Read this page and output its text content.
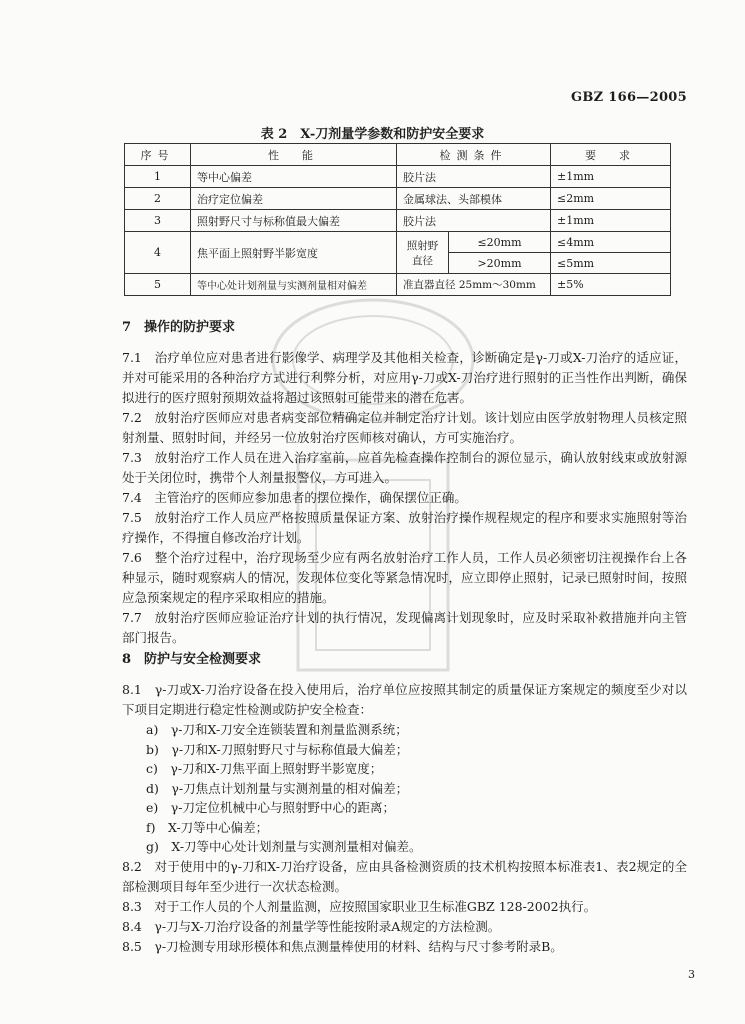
GBZ 166—2005
表 2　X-刀剂量学参数和防护安全要求
序号	性　能	检测条件		要　求
1	等中心偏差	胶片法		±1mm
2	治疗定位偏差	金属球法、头部模体		≤2mm
3	照射野尺寸与标称值最大偏差	胶片法		±1mm
4	焦平面上照射野半影宽度	照射野直径	≤20mm	≤4mm
			>20mm	≤5mm
5	等中心处计划剂量与实测剂量相对偏差	准直器直径 25mm～30mm		±5%
7　操作的防护要求

7.1　治疗单位应对患者进行影像学、病理学及其他相关检查，诊断确定是γ-刀或X-刀治疗的适应证，并对可能采用的各种治疗方式进行利弊分析，对应用γ-刀或X-刀治疗进行照射的正当性作出判断，确保拟进行的医疗照射预期效益将超过该照射可能带来的潜在危害。

7.2　放射治疗医师应对患者病变部位精确定位并制定治疗计划。该计划应由医学放射物理人员核定照射剂量、照射时间，并经另一位放射治疗医师核对确认，方可实施治疗。

7.3　放射治疗工作人员在进入治疗室前，应首先检查操作控制台的源位显示，确认放射线束或放射源处于关闭位时，携带个人剂量报警仪，方可进入。

7.4　主管治疗的医师应参加患者的摆位操作，确保摆位正确。

7.5　放射治疗工作人员应严格按照质量保证方案、放射治疗操作规程规定的程序和要求实施照射等治疗操作，不得擅自修改治疗计划。

7.6　整个治疗过程中，治疗现场至少应有两名放射治疗工作人员，工作人员必须密切注视操作台上各种显示，随时观察病人的情况，发现体位变化等紧急情况时，应立即停止照射，记录已照射时间，按照应急预案规定的程序采取相应的措施。

7.7　放射治疗医师应验证治疗计划的执行情况，发现偏离计划现象时，应及时采取补救措施并向主管部门报告。

8　防护与安全检测要求

8.1　γ-刀或X-刀治疗设备在投入使用后，治疗单位应按照其制定的质量保证方案规定的频度至少对以下项目定期进行稳定性检测或防护安全检查：

a)　γ-刀和X-刀安全连锁装置和剂量监测系统；

b)　γ-刀和X-刀照射野尺寸与标称值最大偏差；

c)　γ-刀和X-刀焦平面上照射野半影宽度；

d)　γ-刀焦点计划剂量与实测剂量的相对偏差；

e)　γ-刀定位机械中心与照射野中心的距离；

f)　X-刀等中心偏差；

g)　X-刀等中心处计划剂量与实测剂量相对偏差。

8.2　对于使用中的γ-刀和X-刀治疗设备，应由具备检测资质的技术机构按照本标准表1、表2规定的全部检测项目每年至少进行一次状态检测。

8.3　对于工作人员的个人剂量监测，应按照国家职业卫生标准GBZ 128-2002执行。

8.4　γ-刀与X-刀治疗设备的剂量学等性能按附录A规定的方法检测。

8.5　γ-刀检测专用球形模体和焦点测量棒使用的材料、结构与尺寸参考附录B。

3
